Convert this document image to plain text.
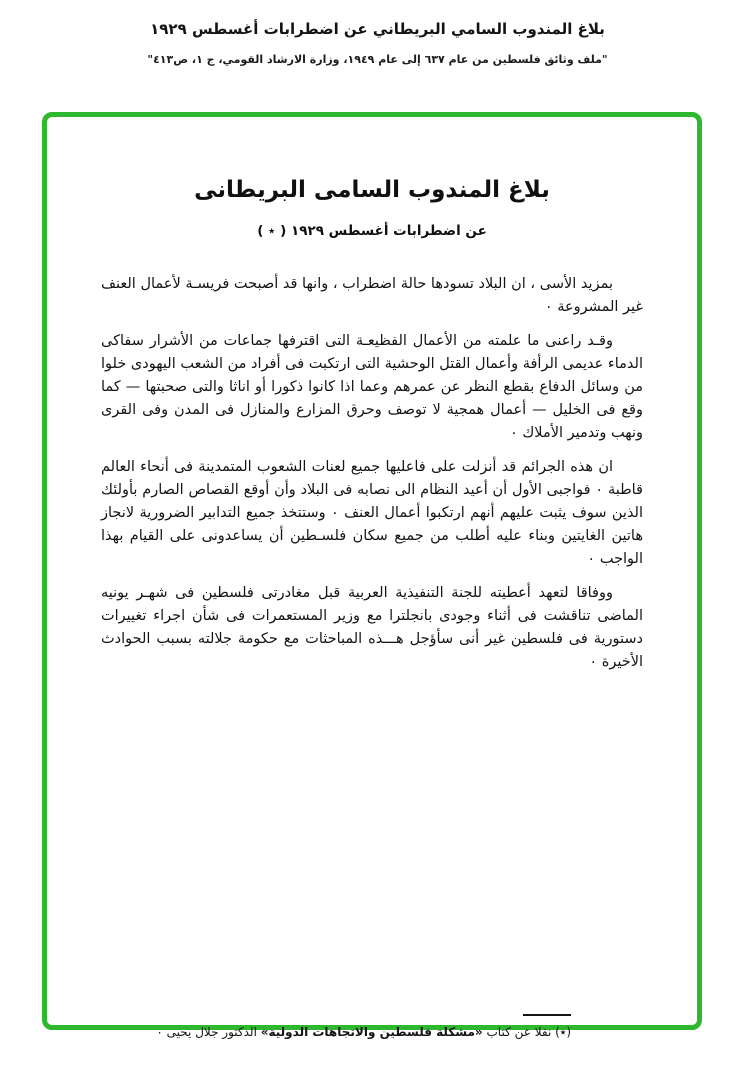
بلاغ المندوب السامي البريطاني عن اضطرابات أغسطس ١٩٢٩
"ملف وثائق فلسطين من عام ٦٣٧ إلى عام ١٩٤٩، وزارة الارشاد القومي، ج ١، ص٤١٣"
بلاغ المندوب السامى البريطانى
عن اضطرابات أغسطس ١٩٢٩ ( ٭ )

بمزيد الأسى ، ان البلاد تسودها حالة اضطراب ، وانها قد أصبحت فريسـة لأعمال العنف غير المشروعة ٠

وقـد راعنى ما علمته من الأعمال الفظيعـة التى اقترفها جماعات من الأشرار سفاكى الدماء عديمى الرأفة وأعمال القتل الوحشية التى ارتكبت فى أفراد من الشعب اليهودى خلوا من وسائل الدفاع بقطع النظر عن عمرهم وعما اذا كانوا ذكورا أو اناثا والتى صحبتها — كما وقع فى الخليل — أعمال همجية لا توصف وحرق المزارع والمنازل فى المدن وفى القرى ونهب وتدمير الأملاك ٠

ان هذه الجرائم قد أنزلت على فاعليها جميع لعنات الشعوب المتمدينة فى أنحاء العالم قاطبة ٠ فواجبى الأول أن أعيد النظام الى نصابه فى البلاد وأن أوقع القصاص الصارم بأولئك الذين سوف يثبت عليهم أنهم ارتكبوا أعمال العنف ٠ وستتخذ جميع التدابير الضرورية لانجاز هاتين الغايتين وبناء عليه أطلب من جميع سكان فلسـطين أن يساعدونى على القيام بهذا الواجب ٠

ووفاقا لتعهد أعطيته للجنة التنفيذية العربية قبل مغادرتى فلسطين فى شهـر يونيه الماضى تناقشت فى أثناء وجودى بانجلترا مع وزير المستعمرات فى شأن اجراء تغييرات دستورية فى فلسطين غير أنى سأؤجل هـــذه المباحثات مع حكومة جلالته بسبب الحوادث الأخيرة ٠

(٭) نقلا عن كتاب «مشكلة فلسطين والاتجاهات الدولية» الدكتور جلال يحيى ٠
